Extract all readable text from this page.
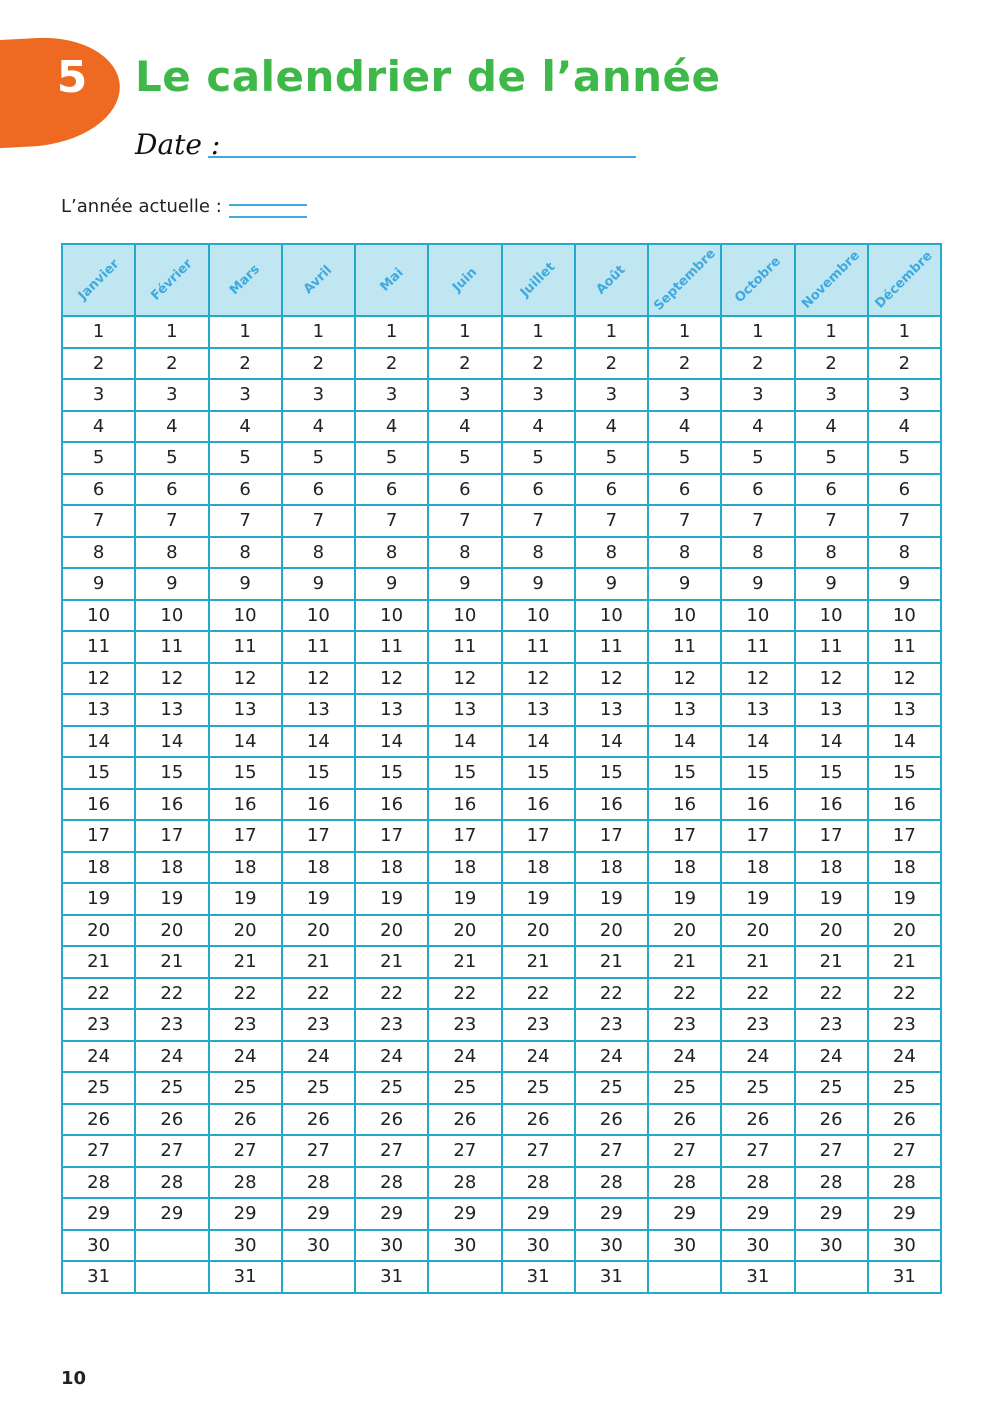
5 Le calendrier de l’année
Date :
L’année actuelle :
Janvier	Février	Mars	Avril	Mai	Juin	Juillet	Août	Septembre	Octobre	Novembre	Décembre

1	1	1	1	1	1	1	1	1	1	1	1
2	2	2	2	2	2	2	2	2	2	2	2
3	3	3	3	3	3	3	3	3	3	3	3
4	4	4	4	4	4	4	4	4	4	4	4
5	5	5	5	5	5	5	5	5	5	5	5
6	6	6	6	6	6	6	6	6	6	6	6
7	7	7	7	7	7	7	7	7	7	7	7
8	8	8	8	8	8	8	8	8	8	8	8
9	9	9	9	9	9	9	9	9	9	9	9
10	10	10	10	10	10	10	10	10	10	10	10
11	11	11	11	11	11	11	11	11	11	11	11
12	12	12	12	12	12	12	12	12	12	12	12
13	13	13	13	13	13	13	13	13	13	13	13
14	14	14	14	14	14	14	14	14	14	14	14
15	15	15	15	15	15	15	15	15	15	15	15
16	16	16	16	16	16	16	16	16	16	16	16
17	17	17	17	17	17	17	17	17	17	17	17
18	18	18	18	18	18	18	18	18	18	18	18
19	19	19	19	19	19	19	19	19	19	19	19
20	20	20	20	20	20	20	20	20	20	20	20
21	21	21	21	21	21	21	21	21	21	21	21
22	22	22	22	22	22	22	22	22	22	22	22
23	23	23	23	23	23	23	23	23	23	23	23
24	24	24	24	24	24	24	24	24	24	24	24
25	25	25	25	25	25	25	25	25	25	25	25
26	26	26	26	26	26	26	26	26	26	26	26
27	27	27	27	27	27	27	27	27	27	27	27
28	28	28	28	28	28	28	28	28	28	28	28
29	29	29	29	29	29	29	29	29	29	29	29
30		30	30	30	30	30	30	30	30	30	30
31		31		31		31	31		31		31
10
